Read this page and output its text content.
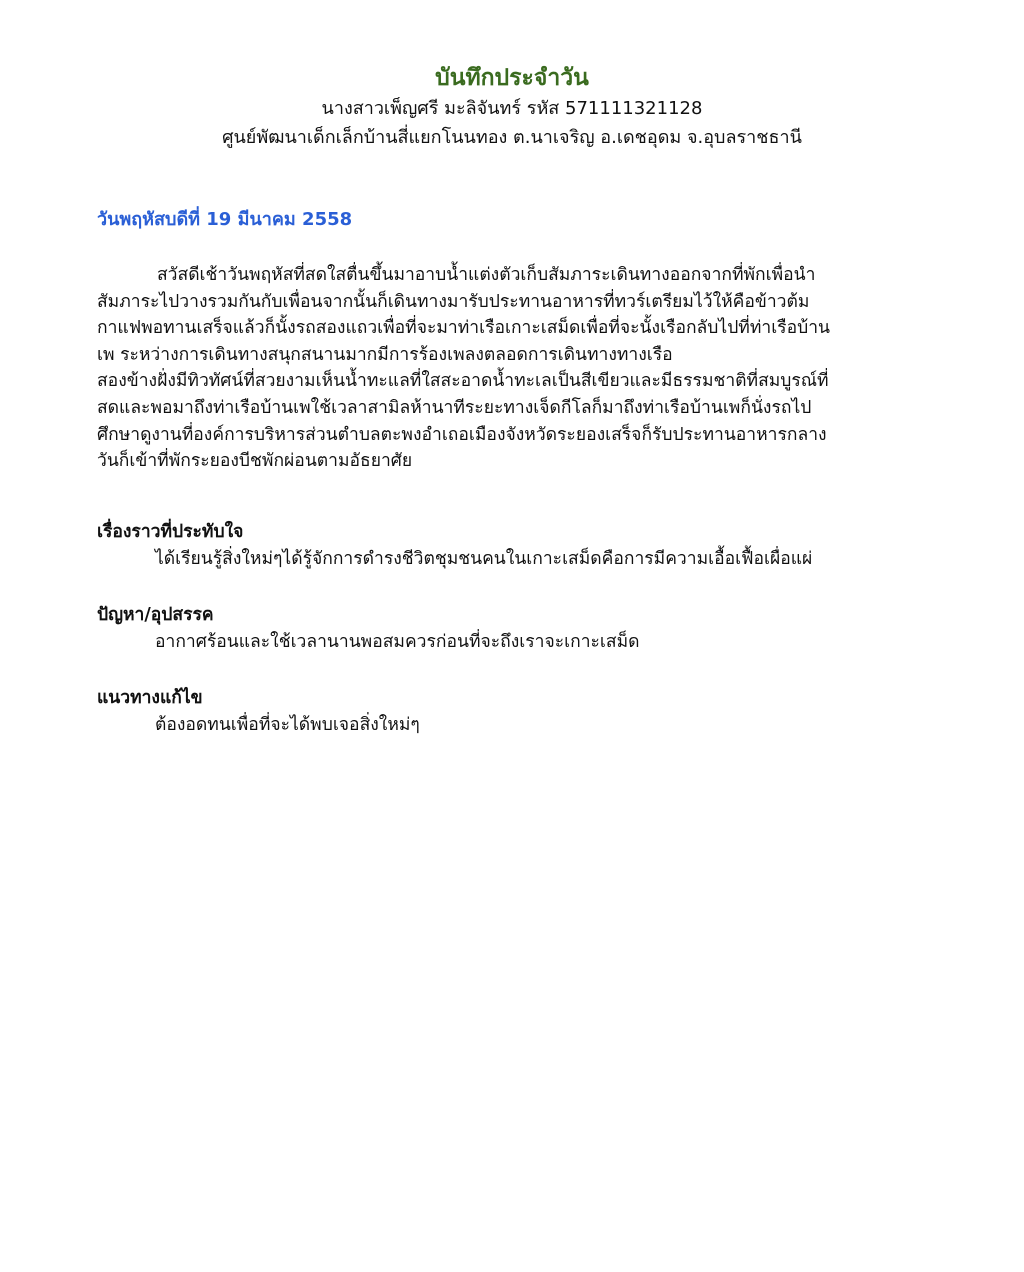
บันทึกประจำวัน

นางสาวเพ็ญศรี มะลิจันทร์ รหัส 571111321128

ศูนย์พัฒนาเด็กเล็กบ้านสี่แยกโนนทอง ต.นาเจริญ อ.เดชอุดม จ.อุบลราชธานี

วันพฤหัสบดีที่ 19 มีนาคม 2558

สวัสดีเช้าวันพฤหัสที่สดใสตื่นขึ้นมาอาบน้ำแต่งตัวเก็บสัมภาระเดินทางออกจากที่พักเพื่อนำ
สัมภาระไปวางรวมกันกับเพื่อนจากนั้นก็เดินทางมารับประทานอาหารที่ทวร์เตรียมไว้ให้คือข้าวต้ม
กาแฟพอทานเสร็จแล้วก็นั้งรถสองแถวเพื่อที่จะมาท่าเรือเกาะเสม็ดเพื่อที่จะนั้งเรือกลับไปที่ท่าเรือบ้าน
เพ ระหว่างการเดินทางสนุกสนานมากมีการร้องเพลงตลอดการเดินทางทางเรือ
สองข้างฝั่งมีทิวทัศน์ที่สวยงามเห็นน้ำทะแลที่ใสสะอาดน้ำทะเลเป็นสีเขียวและมีธรรมชาติที่สมบูรณ์ที่
สดและพอมาถึงท่าเรือบ้านเพใช้เวลาสามิลห้านาทีระยะทางเจ็ดกีโลก็มาถึงท่าเรือบ้านเพก็นั่งรถไป
ศึกษาดูงานที่องค์การบริหารส่วนตำบลตะพงอำเถอเมืองจังหวัดระยองเสร็จก็รับประทานอาหารกลาง
วันก็เข้าที่พักระยองบีชพักผ่อนตามอัธยาศัย

เรื่องราวที่ประทับใจ

ได้เรียนรู้สิ่งใหม่ๆได้รู้จักการดำรงชีวิตชุมชนคนในเกาะเสม็ดคือการมีความเอื้อเฟื้อเผื่อแผ่

ปัญหา/อุปสรรค

อากาศร้อนและใช้เวลานานพอสมควรก่อนที่จะถึงเราจะเกาะเสม็ด

แนวทางแก้ไข

ต้องอดทนเพื่อที่จะได้พบเจอสิ่งใหม่ๆ
